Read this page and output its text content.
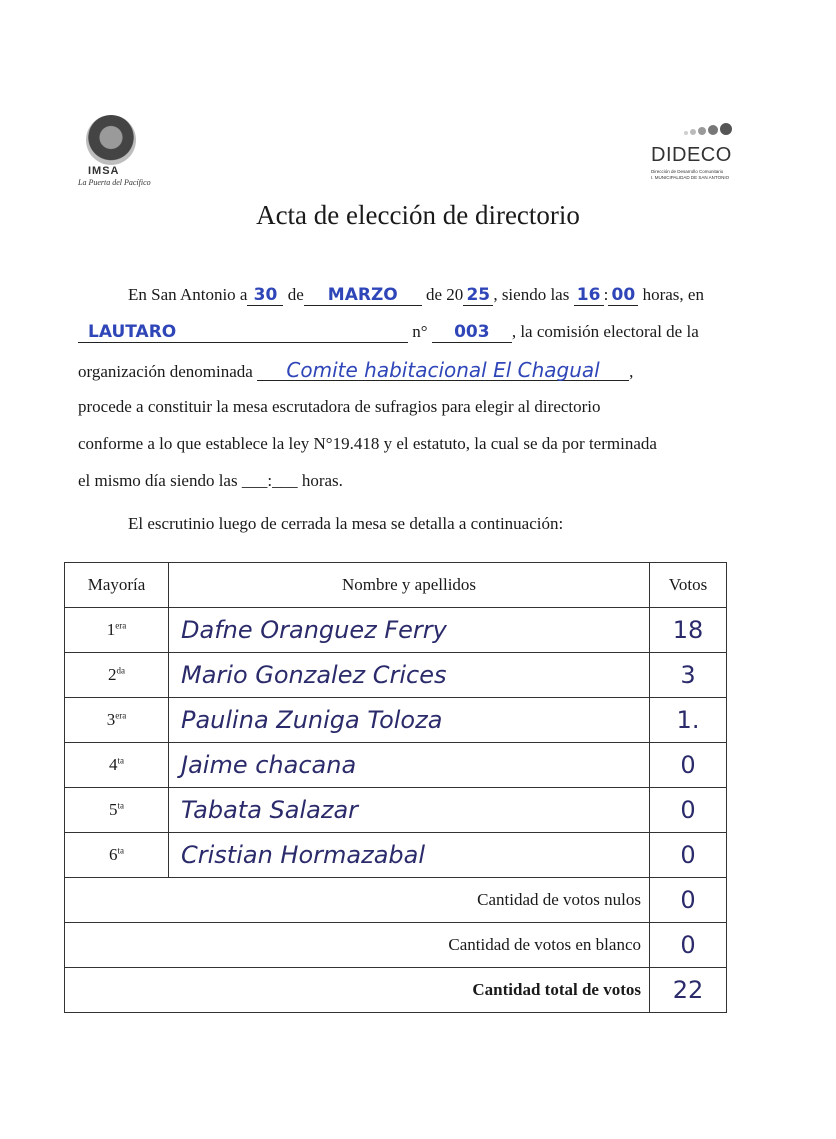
IMSA
La Puerta del Pacífico
DIDECO
Dirección de Desarrollo Comunitario
I. MUNICIPALIDAD DE SAN ANTONIO
Acta de elección de directorio
En San Antonio a 30 de MARZO de 20 25 , siendo las 16 : 00 horas, en
LAUTARO	n° 003 , la comisión electoral de la
organización denominada Comite habitacional El Chagual ,
procede a constituir la mesa escrutadora de sufragios para elegir al directorio
conforme a lo que establece la ley N°19.418 y el estatuto, la cual se da por terminada
el mismo día siendo las ___:___ horas.
El escrutinio luego de cerrada la mesa se detalla a continuación:
Mayoría	Nombre y apellidos	Votos
$1^{era}$	Dafne Oranguez Ferry	18
$2^{da}$	Mario Gonzalez Crices	3
$3^{era}$	Paulina Zuniga Toloza	1.
$4^{ta}$	Jaime chacana	0
$5^{ta}$	Tabata Salazar	0
$6^{ta}$	Cristian Hormazabal	0
Cantidad de votos nulos		0
Cantidad de votos en blanco		0
Cantidad total de votos		22
